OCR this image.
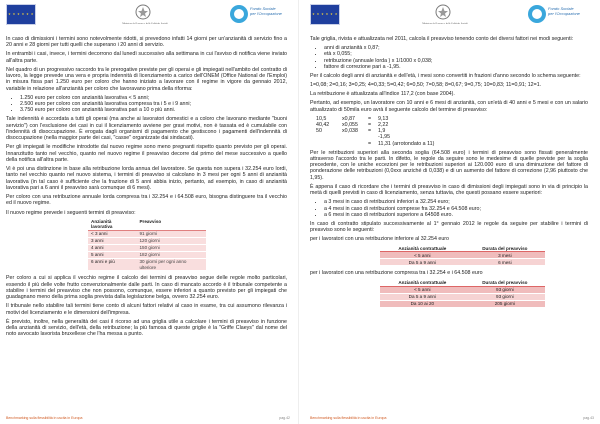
★ ★ ★ ★ ★ ★
Ministero del Lavoro e delle Politiche Sociali
Fondo Sociale
per l'Occupazione

In caso di dimissioni i termini sono notevolmente ridotti, si prevedono infatti 14 giorni per un'anzianità di servizio fino a 20 anni e 28 giorni per tutti quelli che superano i 20 anni di servizio.

In entrambi i casi, invece, i termini decorrono dal lunedì successivo alla settimana in cui l'avviso di notifica viene inviato all'altra parte.

Nel quadro di un progressivo raccordo tra le prerogative previste per gli operai e gli impiegati nell'ambito del contratto di lavoro, la legge prevede una vera e propria indennità di licenziamento a carico dell'ONEM (Office National de l'Emploi) in misura fissa pari 1.250 euro per coloro che hanno iniziato a lavorare con il regime in vigore da gennaio 2012, variabile in relazione all'anzianità per coloro che lavoravano prima della riforma:

• 1.250 euro per coloro con anzianità lavorativa < 5 anni;
• 2.500 euro per coloro con anzianità lavorativa compresa tra i 5 e i 9 anni;
• 3.750 euro per coloro con anzianità lavorativa pari a 10 o più anni.

Tale indennità è accordata a tutti gli operai (ma anche ai lavoratori domestici e a coloro che lavorano mediante "buoni servizio") con l'esclusione dei casi in cui il licenziamento avviene per gravi motivi, non è tassata ed è cumulabile con l'indennità di disoccupazione. È erogata dagli organismi di pagamento che gestiscono i pagamenti dell'indennità di disoccupazione (nella maggior parte dei casi, "casse" organizzate dai sindacati).

Per gli impiegati le modifiche introdotte dal nuovo regime sono meno pregnanti rispetto quanto previsto per gli operai. Innanzitutto tanto nel vecchio, quanto nel nuovo regime il preavviso decorre dal primo del mese successivo a quello della notifica all'altra parte.

Vi è poi una distinzione in base alla retribuzione lorda annua del lavoratore. Se questa non supera i 32.254 euro lordi, tanto nel vecchio quanto nel nuovo sistema, i termini di preavviso si calcolano in 3 mesi per ogni 5 anni di anzianità lavorativa (in tal caso è sufficiente che la frazione di 5 anni abbia inizio, pertanto, ad esempio, in caso di anzianità lavorativa pari a 6 anni il preavviso sarà comunque di 6 mesi).

Per coloro con una retribuzione annuale lorda compresa tra i 32.254 e i 64.508 euro, bisogna distinguere tra il vecchio ed il nuovo regime.

Il nuovo regime prevede i seguenti termini di preavviso:

Anzianità lavorativa	Preavviso
< 3 anni	91 giorni
3 anni	120 giorni
4 anni	150 giorni
5 anni	182 giorni
6 anni e più	30 giorni per ogni anno ulteriore

Per coloro a cui si applica il vecchio regime il calcolo dei termini di preavviso segue delle regole molto particolari, essendo il più delle volte frutto convenzionalmente dalle parti. In caso di mancato accordo è il tribunale competente a stabilire i termini del preavviso che non possono, comunque, essere inferiori a quanto previsto per gli impiegati che guadagnano meno della prima soglia prevista dalla legislazione belga, ovvero 32.254 euro.

Il tribunale nello stabilire tali termini tiene conto di alcuni fattori relativi al caso in esame, tra cui assumono rilevanza i motivi del licenziamento e le dimensioni dell'impresa.

È previsto, inoltre, nella generalità dei casi il ricorso ad una griglia utile a calcolare i termini di preavviso in funzione della anzianità di servizio, dell'età, della retribuzione; la più famosa di queste griglie è la "Griffe Claeys" dal nome del noto avvocato lavorista bruxellese che l'ha messa a punto.

Benchmarking sulla flessibilità in uscita in Europa	pag.42
★ ★ ★ ★ ★ ★
Ministero del Lavoro e delle Politiche Sociali
Fondo Sociale
per l'Occupazione

Tale griglia, rivista e attualizzata nel 2011, calcola il preavviso tenendo conto dei diversi fattori nei modi seguenti:

• anni di anzianità x 0,87;
• età x 0,055;
• retribuzione (annuale lorda ) x 1/1000 x 0,038;
• fattore di correzione pari a -1,95.

Per il calcolo degli anni di anzianità e dell'età, i mesi sono convertiti in frazioni d'anno secondo lo schema seguente:

1=0,08; 2=0,16; 3=0,25; 4=0,33; 5=0,42; 6=0,50; 7=0,58; 8=0,67; 9=0,75; 10=0,83; 11=0,91; 12=1.

La retribuzione è attualizzata all'indice 117,2 (con base 2004).

Pertanto, ad esempio, un lavoratore con 10 anni e 6 mesi di anzianità, con un'età di 40 anni e 5 mesi e con un salario attualizzato di 50mila euro avrà il seguente calcolo del termine di preavviso:

10,5	x0,87	=	9,13
40,42	x0,055	=	2,22
50	x0,038	=	1,9
-1,95
=	11,31 (arrotondato a 11)

Per le retribuzioni superiori alla seconda soglia (64.508 euro) i termini di preavviso sono fissati generalmente attraverso l'accordo tra le parti. In difetto, le regole da seguire sono le medesime di quelle previste per la soglia precedente, con le uniche eccezioni per le retribuzioni superiori ai 120.000 euro di una diminuzione del fattore di ponderazione delle retribuzioni (0,0xxx anziché di 0,038) e di un aumento del fattore di correzione (2,96 piuttosto che 1,95).

È appena il caso di ricordare che i termini di preavviso in caso di dimissioni degli impiegati sono in via di principio la metà di quelli previsti in caso di licenziamento, senza tuttavia, che questi possano essere superiori:

• a 3 mesi in caso di retribuzioni inferiori a 32.254 euro;
• a 4 mesi in caso di retribuzioni comprese fra 32.254 e 64.508 euro;
• a 6 mesi in caso di retribuzioni superiore a 64508 euro.

In caso di contratto stipulato successivamente al 1° gennaio 2012 le regole da seguire per stabilire i termini di preavviso sono le seguenti:

per i lavoratori con una retribuzione inferiore al 32.254 euro

Anzianità contrattuale	Durata del preavviso
< 5 anni	3 mesi
Da 5 a 9 anni	6 mesi

per i lavoratori con una retribuzione compresa tra i 32.254 e i 64.508 euro

Anzianità contrattuale	Durata del preavviso
< 5 anni	93 giorni
Da 5 a 9 anni	93 giorni
Da 10 ai 20	205 giorni
Benchmarking sulla flessibilità in uscita in Europa	pag.43
